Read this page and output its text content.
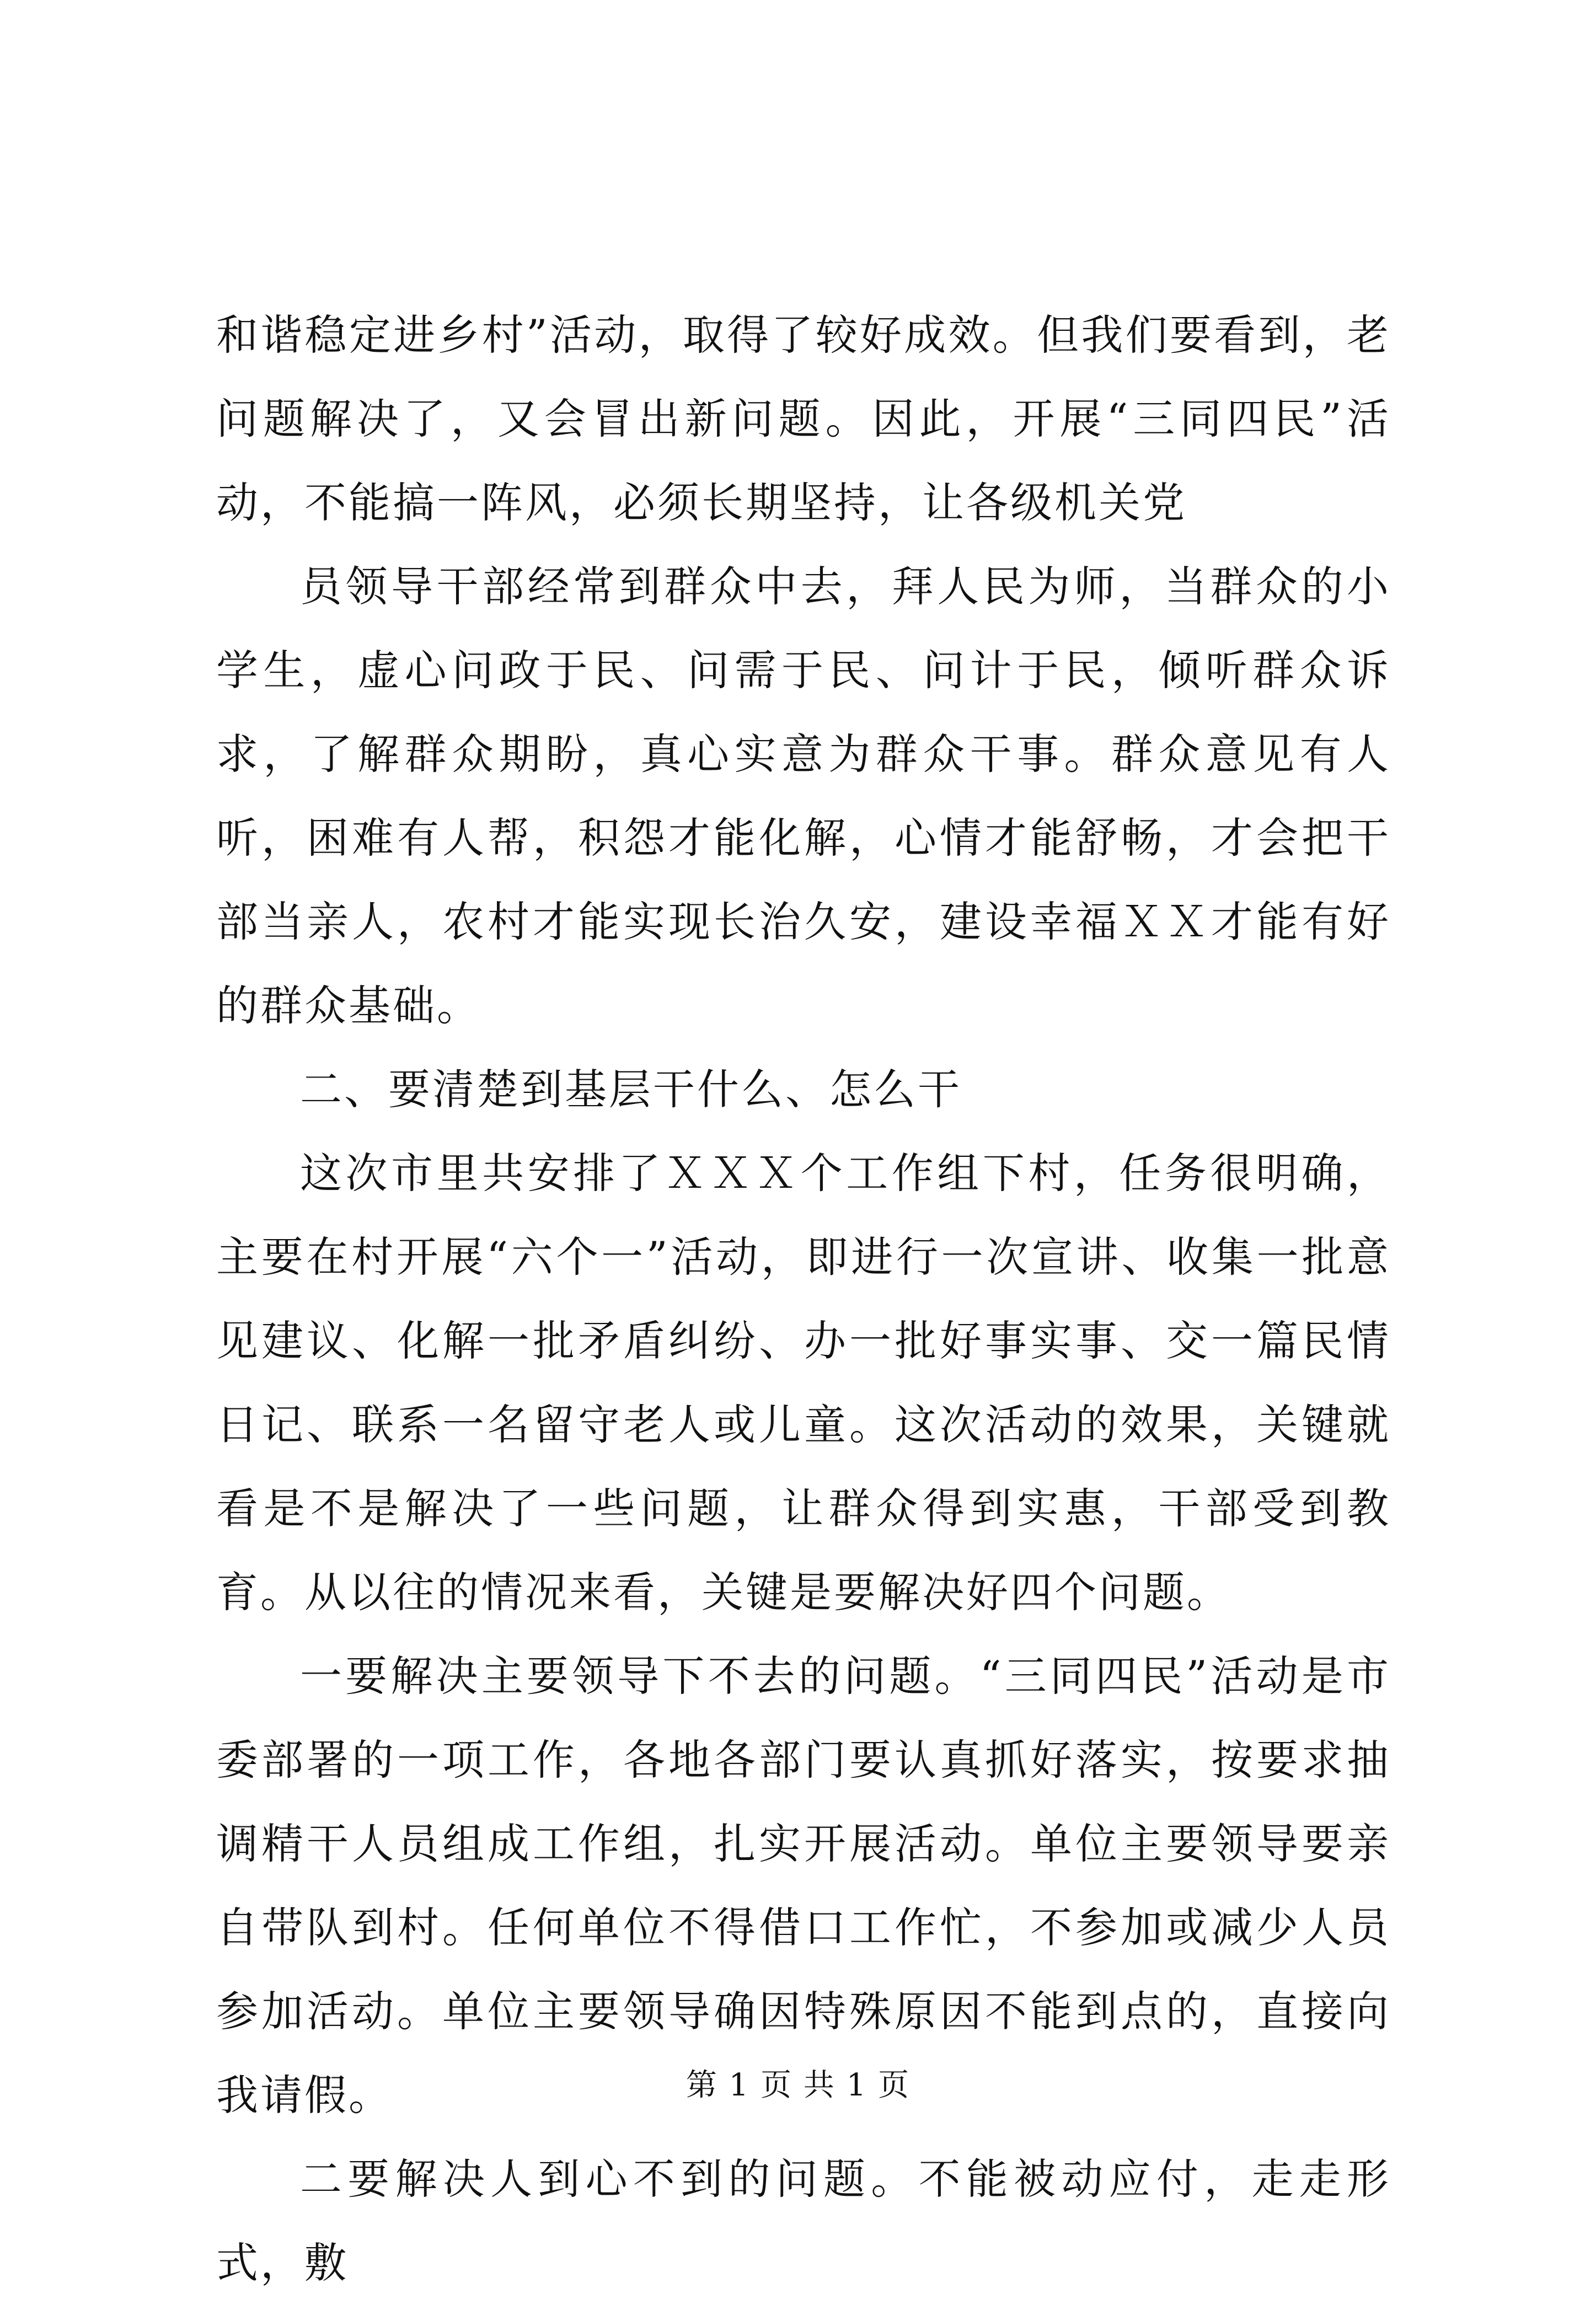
和谐稳定进乡村”活动，取得了较好成效。但我们要看到，老问题解决了，又会冒出新问题。因此，开展“三同四民”活动，不能搞一阵风，必须长期坚持，让各级机关党

员领导干部经常到群众中去，拜人民为师，当群众的小学生，虚心问政于民、问需于民、问计于民，倾听群众诉求，了解群众期盼，真心实意为群众干事。群众意见有人听，困难有人帮，积怨才能化解，心情才能舒畅，才会把干部当亲人，农村才能实现长治久安，建设幸福ＸＸ才能有好的群众基础。

二、要清楚到基层干什么、怎么干

这次市里共安排了ＸＸＸ个工作组下村，任务很明确，主要在村开展“六个一”活动，即进行一次宣讲、收集一批意见建议、化解一批矛盾纠纷、办一批好事实事、交一篇民情日记、联系一名留守老人或儿童。这次活动的效果，关键就看是不是解决了一些问题，让群众得到实惠，干部受到教育。从以往的情况来看，关键是要解决好四个问题。

一要解决主要领导下不去的问题。“三同四民”活动是市委部署的一项工作，各地各部门要认真抓好落实，按要求抽调精干人员组成工作组，扎实开展活动。单位主要领导要亲自带队到村。任何单位不得借口工作忙，不参加或减少人员参加活动。单位主要领导确因特殊原因不能到点的，直接向我请假。

二要解决人到心不到的问题。不能被动应付，走走形式，敷

第 1 页 共 1 页
